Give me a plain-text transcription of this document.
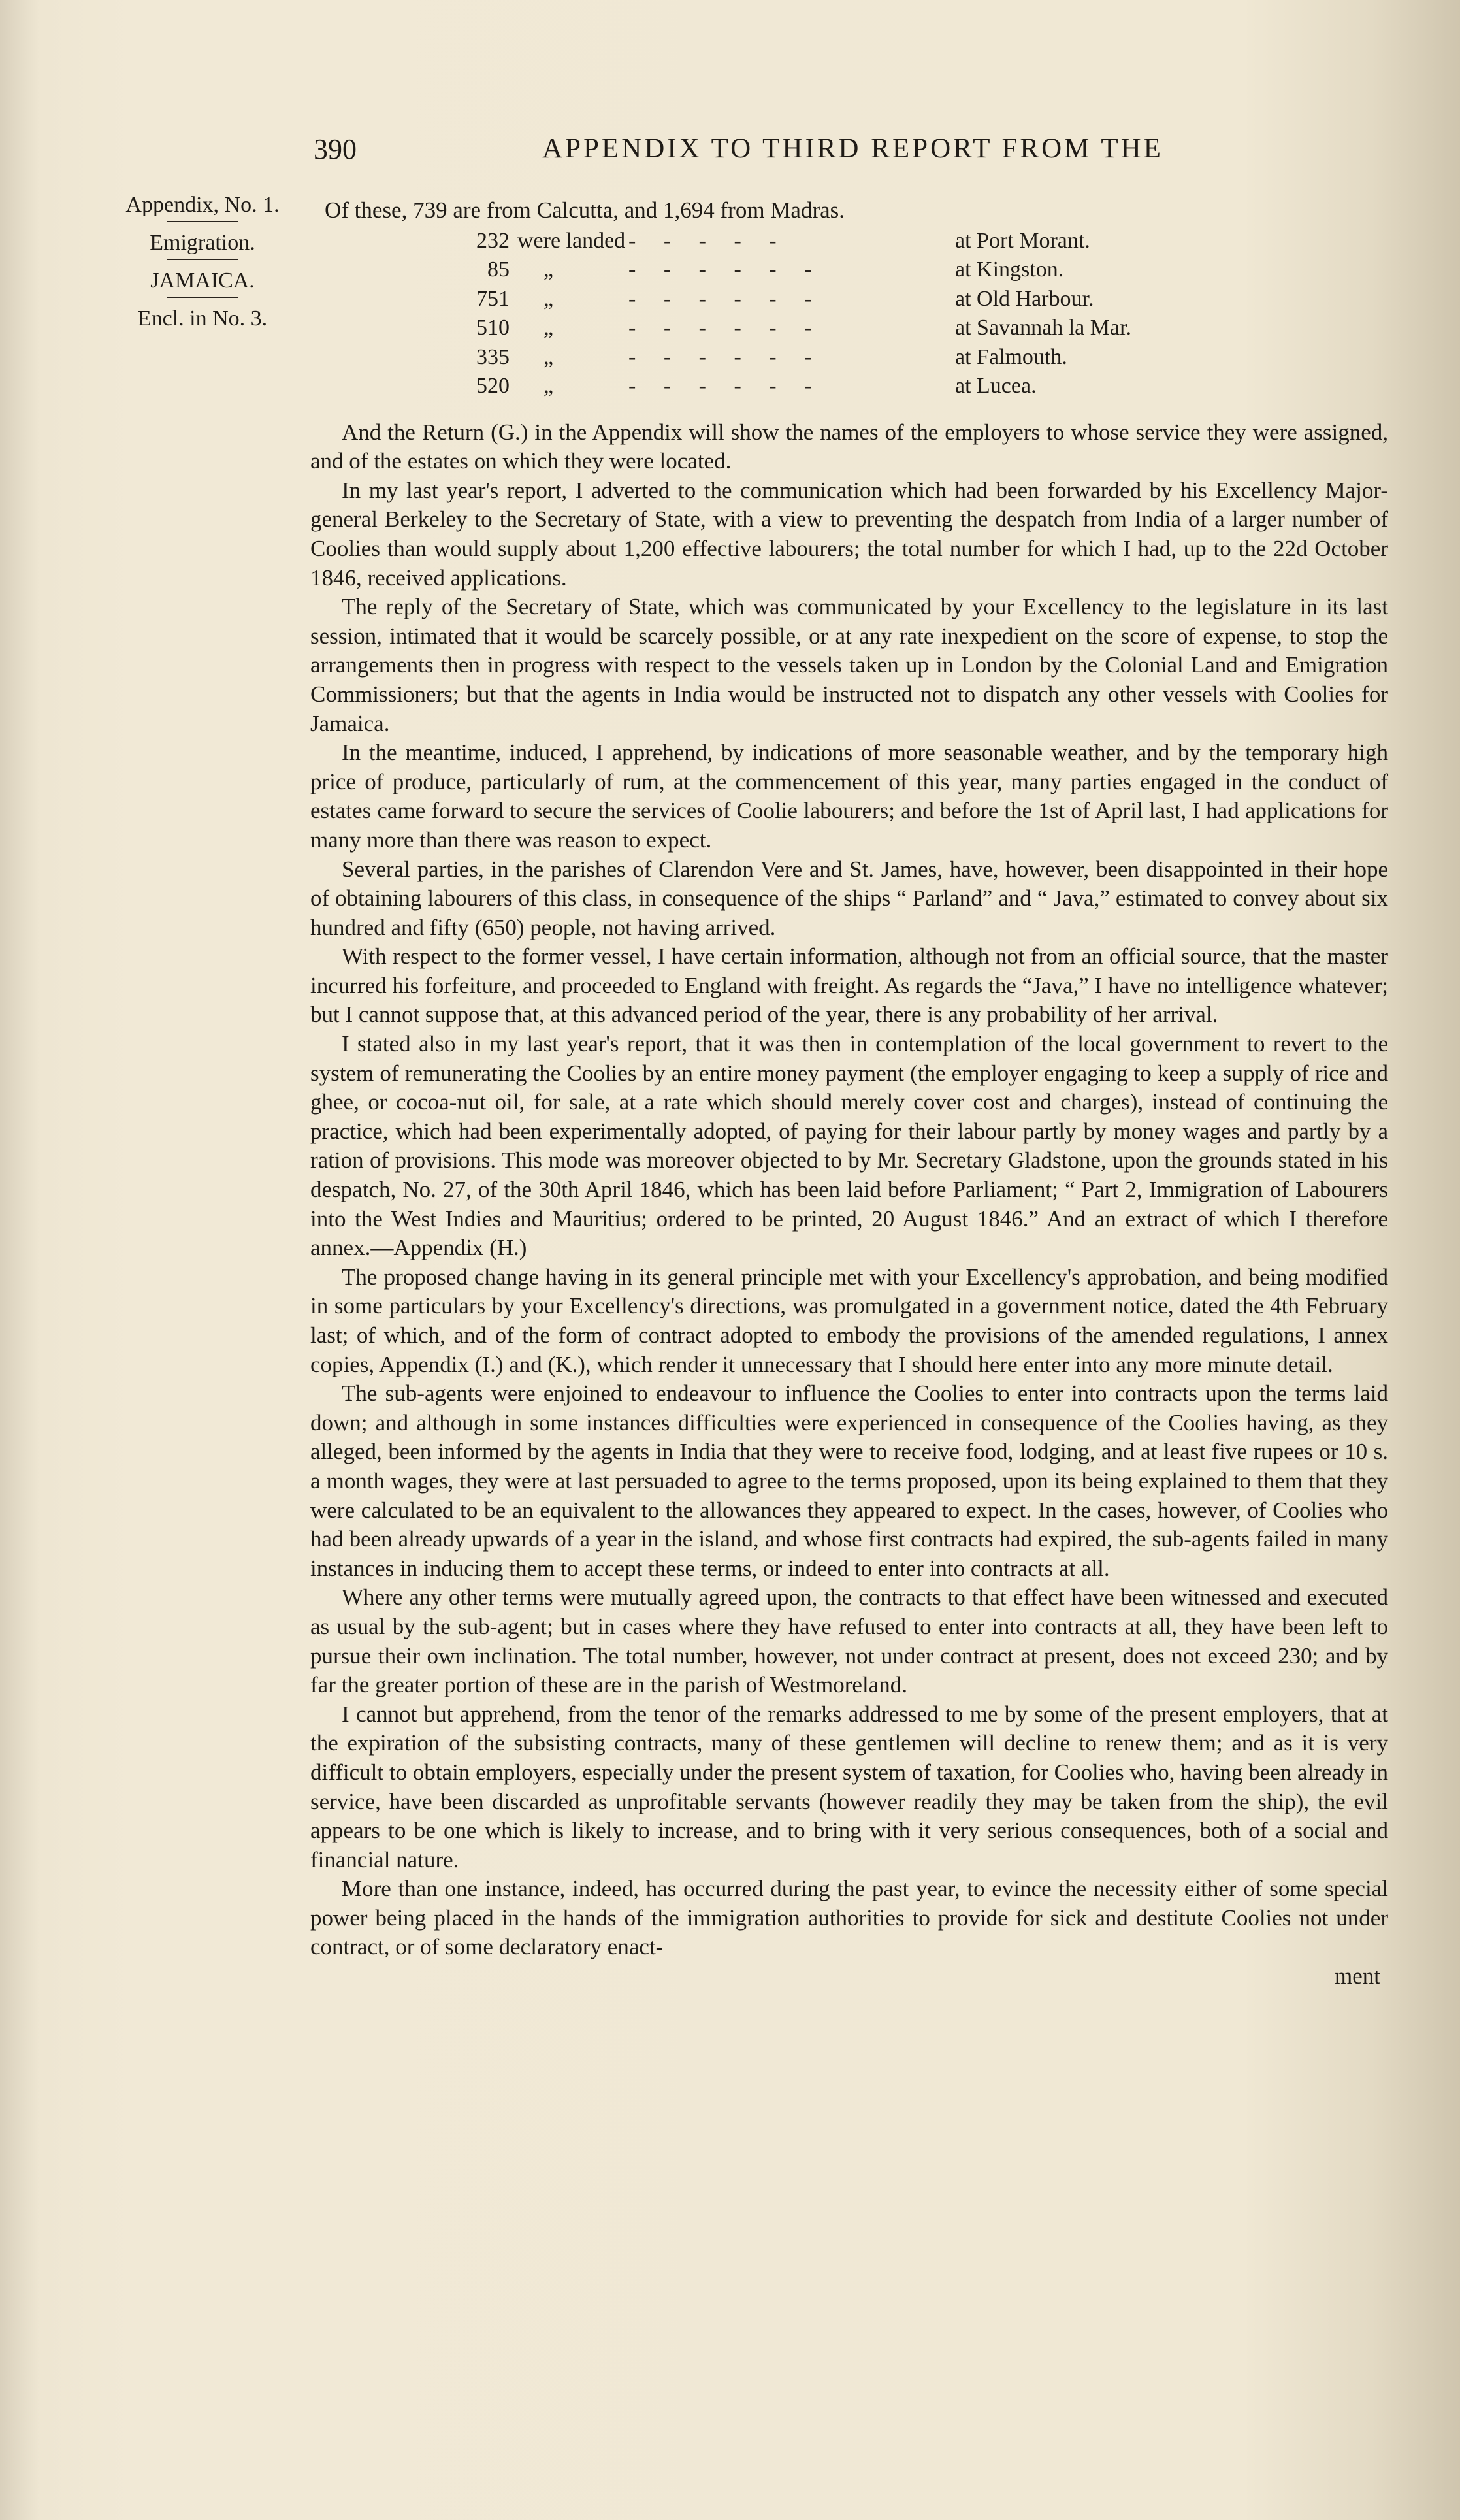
390	APPENDIX TO THIRD REPORT FROM THE
Appendix, No. 1.
Emigration.
JAMAICA.
Encl. in No. 3.

Of these, 739 are from Calcutta, and 1,694 from Madras.

232 were landed -     -     -     -     -	at Port Morant.
85	„	-     -     -     -     -     -	at Kingston.
751	„	-     -     -     -     -     -	at Old Harbour.
510	„	-     -     -     -     -     -	at Savannah la Mar.
335	„	-     -     -     -     -     -	at Falmouth.
520	„	-     -     -     -     -     -	at Lucea.

And the Return (G.) in the Appendix will show the names of the employers to whose service they were assigned, and of the estates on which they were located.

In my last year's report, I adverted to the communication which had been forwarded by his Excellency Major-general Berkeley to the Secretary of State, with a view to preventing the despatch from India of a larger number of Coolies than would supply about 1,200 effective labourers; the total number for which I had, up to the 22d October 1846, received applications.

The reply of the Secretary of State, which was communicated by your Excellency to the legislature in its last session, intimated that it would be scarcely possible, or at any rate inexpedient on the score of expense, to stop the arrangements then in progress with respect to the vessels taken up in London by the Colonial Land and Emigration Commissioners; but that the agents in India would be instructed not to dispatch any other vessels with Coolies for Jamaica.

In the meantime, induced, I apprehend, by indications of more seasonable weather, and by the temporary high price of produce, particularly of rum, at the commencement of this year, many parties engaged in the conduct of estates came forward to secure the services of Coolie labourers; and before the 1st of April last, I had applications for many more than there was reason to expect.

Several parties, in the parishes of Clarendon Vere and St. James, have, however, been disappointed in their hope of obtaining labourers of this class, in consequence of the ships “ Parland” and “ Java,” estimated to convey about six hundred and fifty (650) people, not having arrived.

With respect to the former vessel, I have certain information, although not from an official source, that the master incurred his forfeiture, and proceeded to England with freight. As regards the “Java,” I have no intelligence whatever; but I cannot suppose that, at this advanced period of the year, there is any probability of her arrival.

I stated also in my last year's report, that it was then in contemplation of the local government to revert to the system of remunerating the Coolies by an entire money payment (the employer engaging to keep a supply of rice and ghee, or cocoa-nut oil, for sale, at a rate which should merely cover cost and charges), instead of continuing the practice, which had been experimentally adopted, of paying for their labour partly by money wages and partly by a ration of provisions. This mode was moreover objected to by Mr. Secretary Gladstone, upon the grounds stated in his despatch, No. 27, of the 30th April 1846, which has been laid before Parliament; “ Part 2, Immigration of Labourers into the West Indies and Mauritius; ordered to be printed, 20 August 1846.” And an extract of which I therefore annex.—Appendix (H.)

The proposed change having in its general principle met with your Excellency's approbation, and being modified in some particulars by your Excellency's directions, was promulgated in a government notice, dated the 4th February last; of which, and of the form of contract adopted to embody the provisions of the amended regulations, I annex copies, Appendix (I.) and (K.), which render it unnecessary that I should here enter into any more minute detail.

The sub-agents were enjoined to endeavour to influence the Coolies to enter into contracts upon the terms laid down; and although in some instances difficulties were experienced in consequence of the Coolies having, as they alleged, been informed by the agents in India that they were to receive food, lodging, and at least five rupees or 10 s. a month wages, they were at last persuaded to agree to the terms proposed, upon its being explained to them that they were calculated to be an equivalent to the allowances they appeared to expect. In the cases, however, of Coolies who had been already upwards of a year in the island, and whose first contracts had expired, the sub-agents failed in many instances in inducing them to accept these terms, or indeed to enter into contracts at all.

Where any other terms were mutually agreed upon, the contracts to that effect have been witnessed and executed as usual by the sub-agent; but in cases where they have refused to enter into contracts at all, they have been left to pursue their own inclination. The total number, however, not under contract at present, does not exceed 230; and by far the greater portion of these are in the parish of Westmoreland.

I cannot but apprehend, from the tenor of the remarks addressed to me by some of the present employers, that at the expiration of the subsisting contracts, many of these gentlemen will decline to renew them; and as it is very difficult to obtain employers, especially under the present system of taxation, for Coolies who, having been already in service, have been discarded as unprofitable servants (however readily they may be taken from the ship), the evil appears to be one which is likely to increase, and to bring with it very serious consequences, both of a social and financial nature.

More than one instance, indeed, has occurred during the past year, to evince the necessity either of some special power being placed in the hands of the immigration authorities to provide for sick and destitute Coolies not under contract, or of some declaratory enact-

ment
